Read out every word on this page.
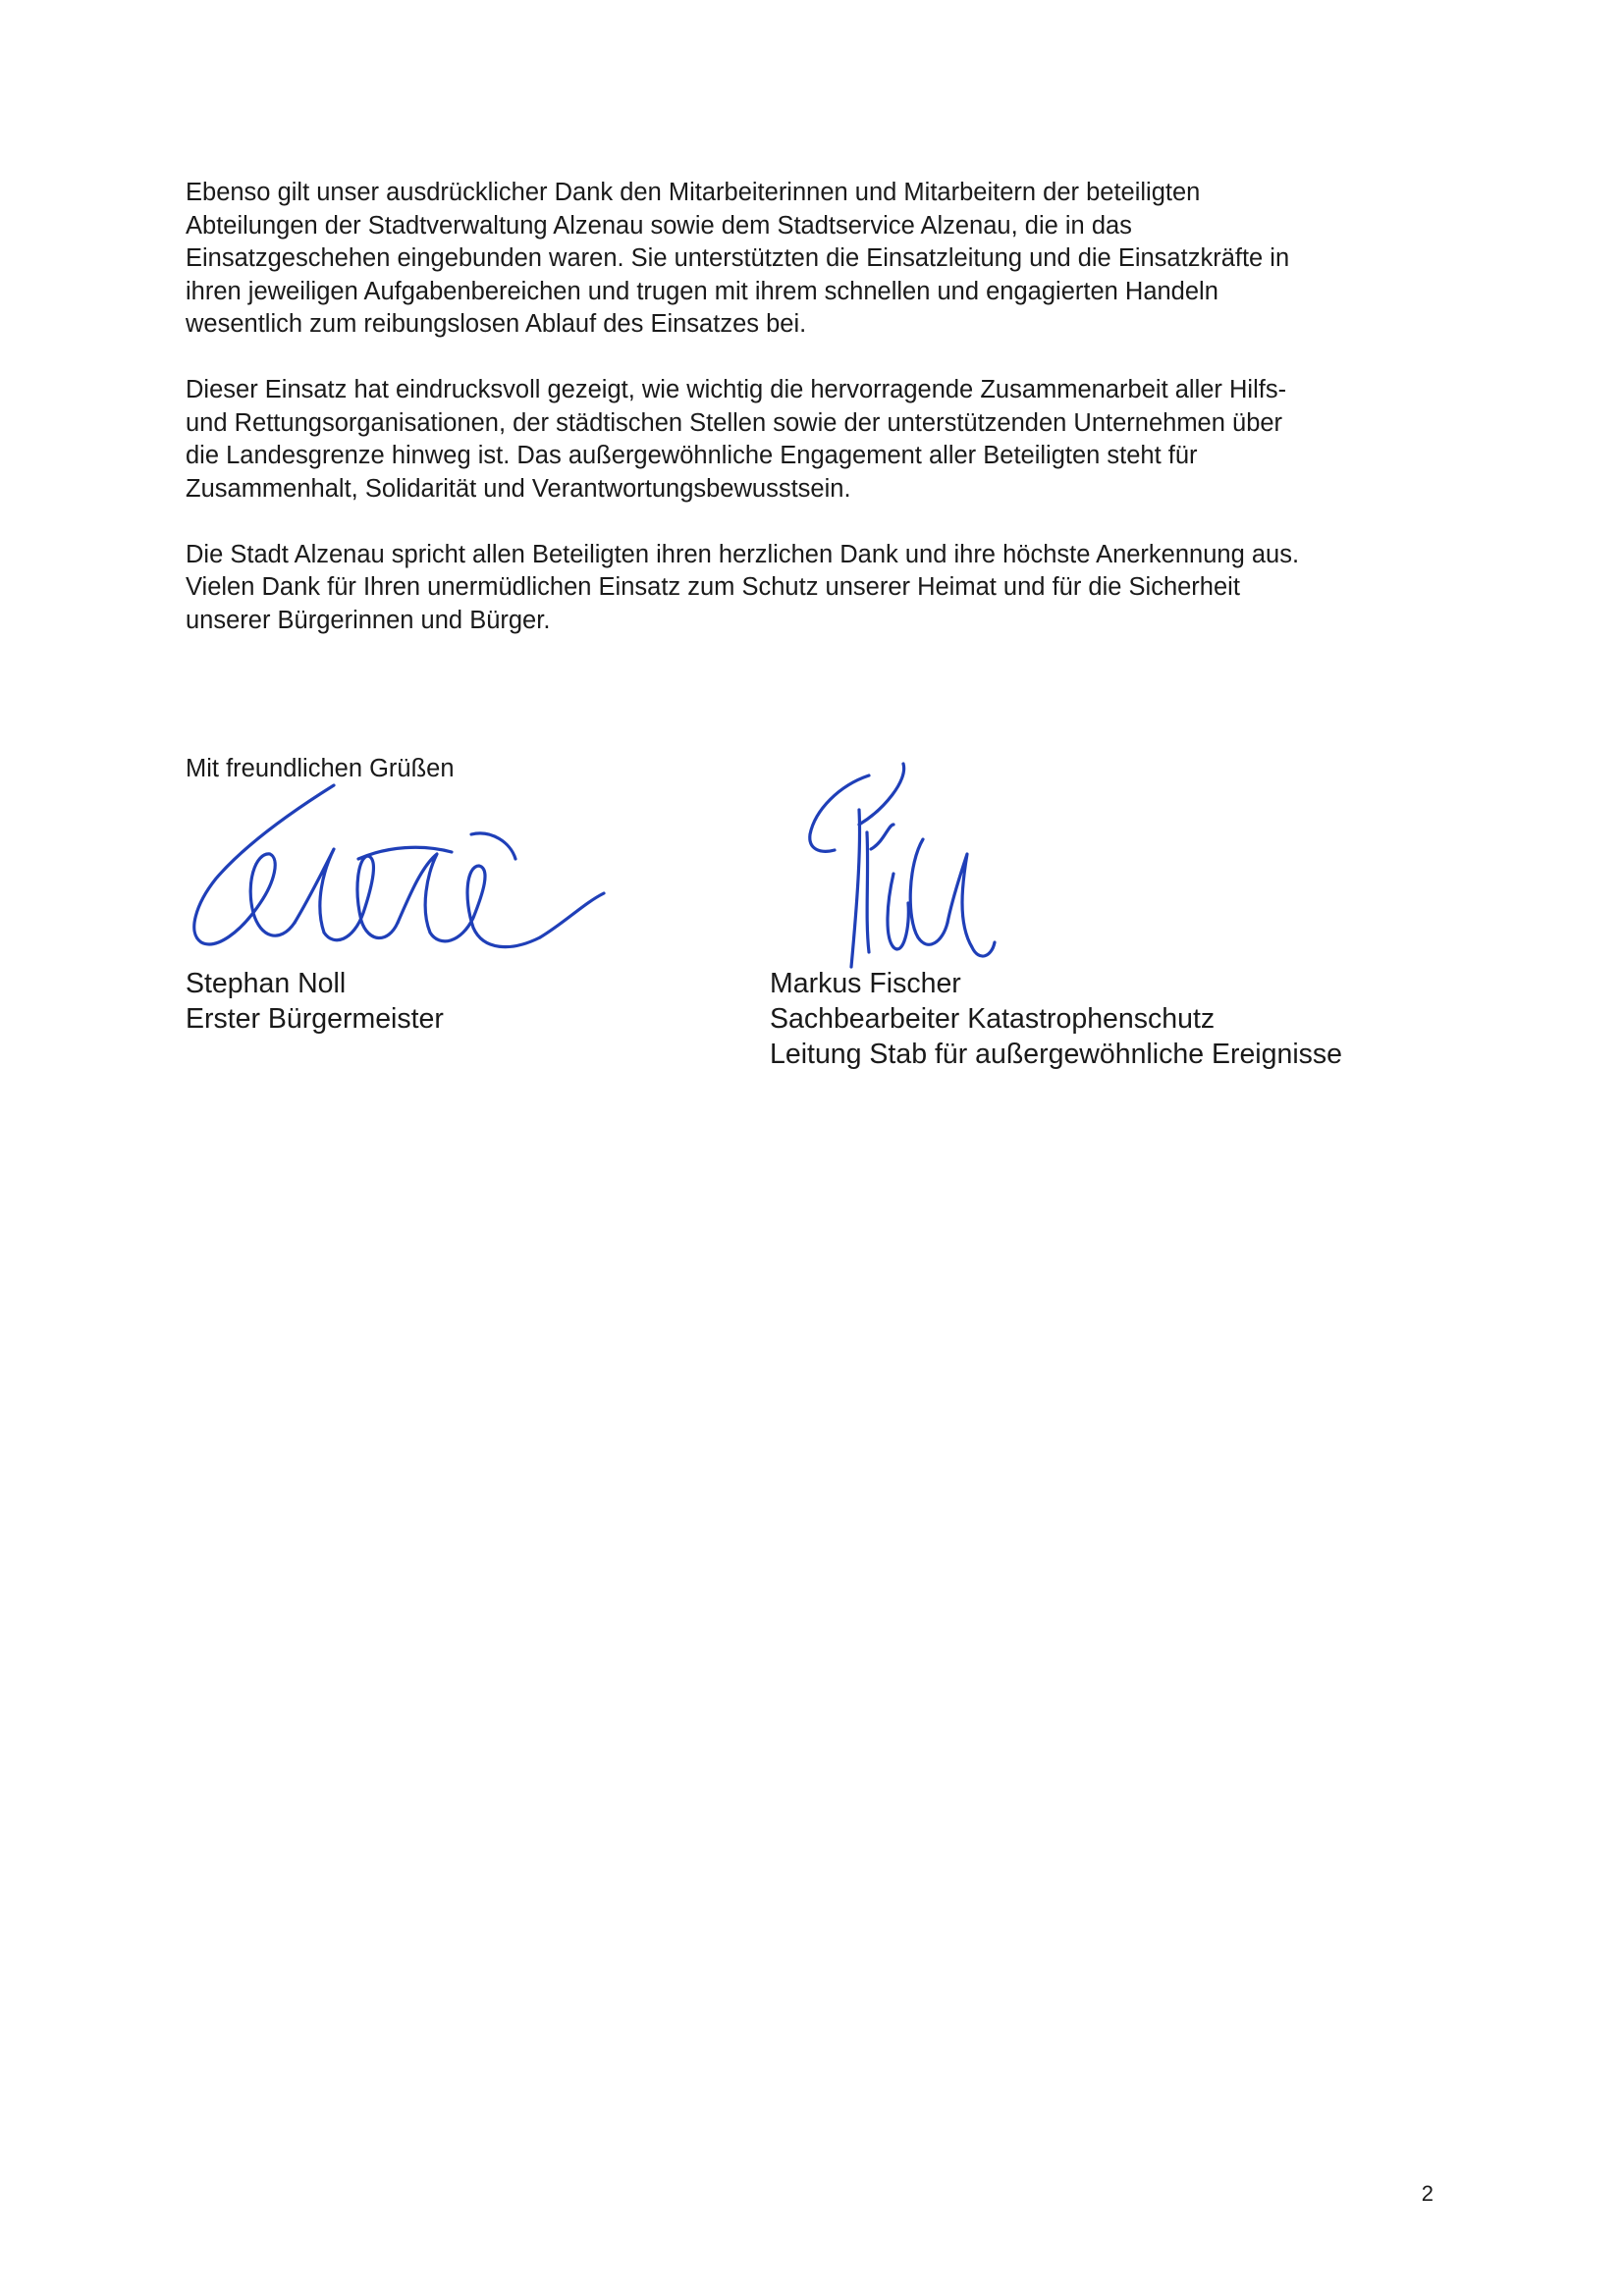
Ebenso gilt unser ausdrücklicher Dank den Mitarbeiterinnen und Mitarbeitern der beteiligten
Abteilungen der Stadtverwaltung Alzenau sowie dem Stadtservice Alzenau, die in das
Einsatzgeschehen eingebunden waren. Sie unterstützten die Einsatzleitung und die Einsatzkräfte in
ihren jeweiligen Aufgabenbereichen und trugen mit ihrem schnellen und engagierten Handeln
wesentlich zum reibungslosen Ablauf des Einsatzes bei.

Dieser Einsatz hat eindrucksvoll gezeigt, wie wichtig die hervorragende Zusammenarbeit aller Hilfs-
und Rettungsorganisationen, der städtischen Stellen sowie der unterstützenden Unternehmen über
die Landesgrenze hinweg ist. Das außergewöhnliche Engagement aller Beteiligten steht für
Zusammenhalt, Solidarität und Verantwortungsbewusstsein.

Die Stadt Alzenau spricht allen Beteiligten ihren herzlichen Dank und ihre höchste Anerkennung aus.
Vielen Dank für Ihren unermüdlichen Einsatz zum Schutz unserer Heimat und für die Sicherheit
unserer Bürgerinnen und Bürger.

Mit freundlichen Grüßen
Stephan Noll
Erster Bürgermeister
Markus Fischer
Sachbearbeiter Katastrophenschutz
Leitung Stab für außergewöhnliche Ereignisse
2
